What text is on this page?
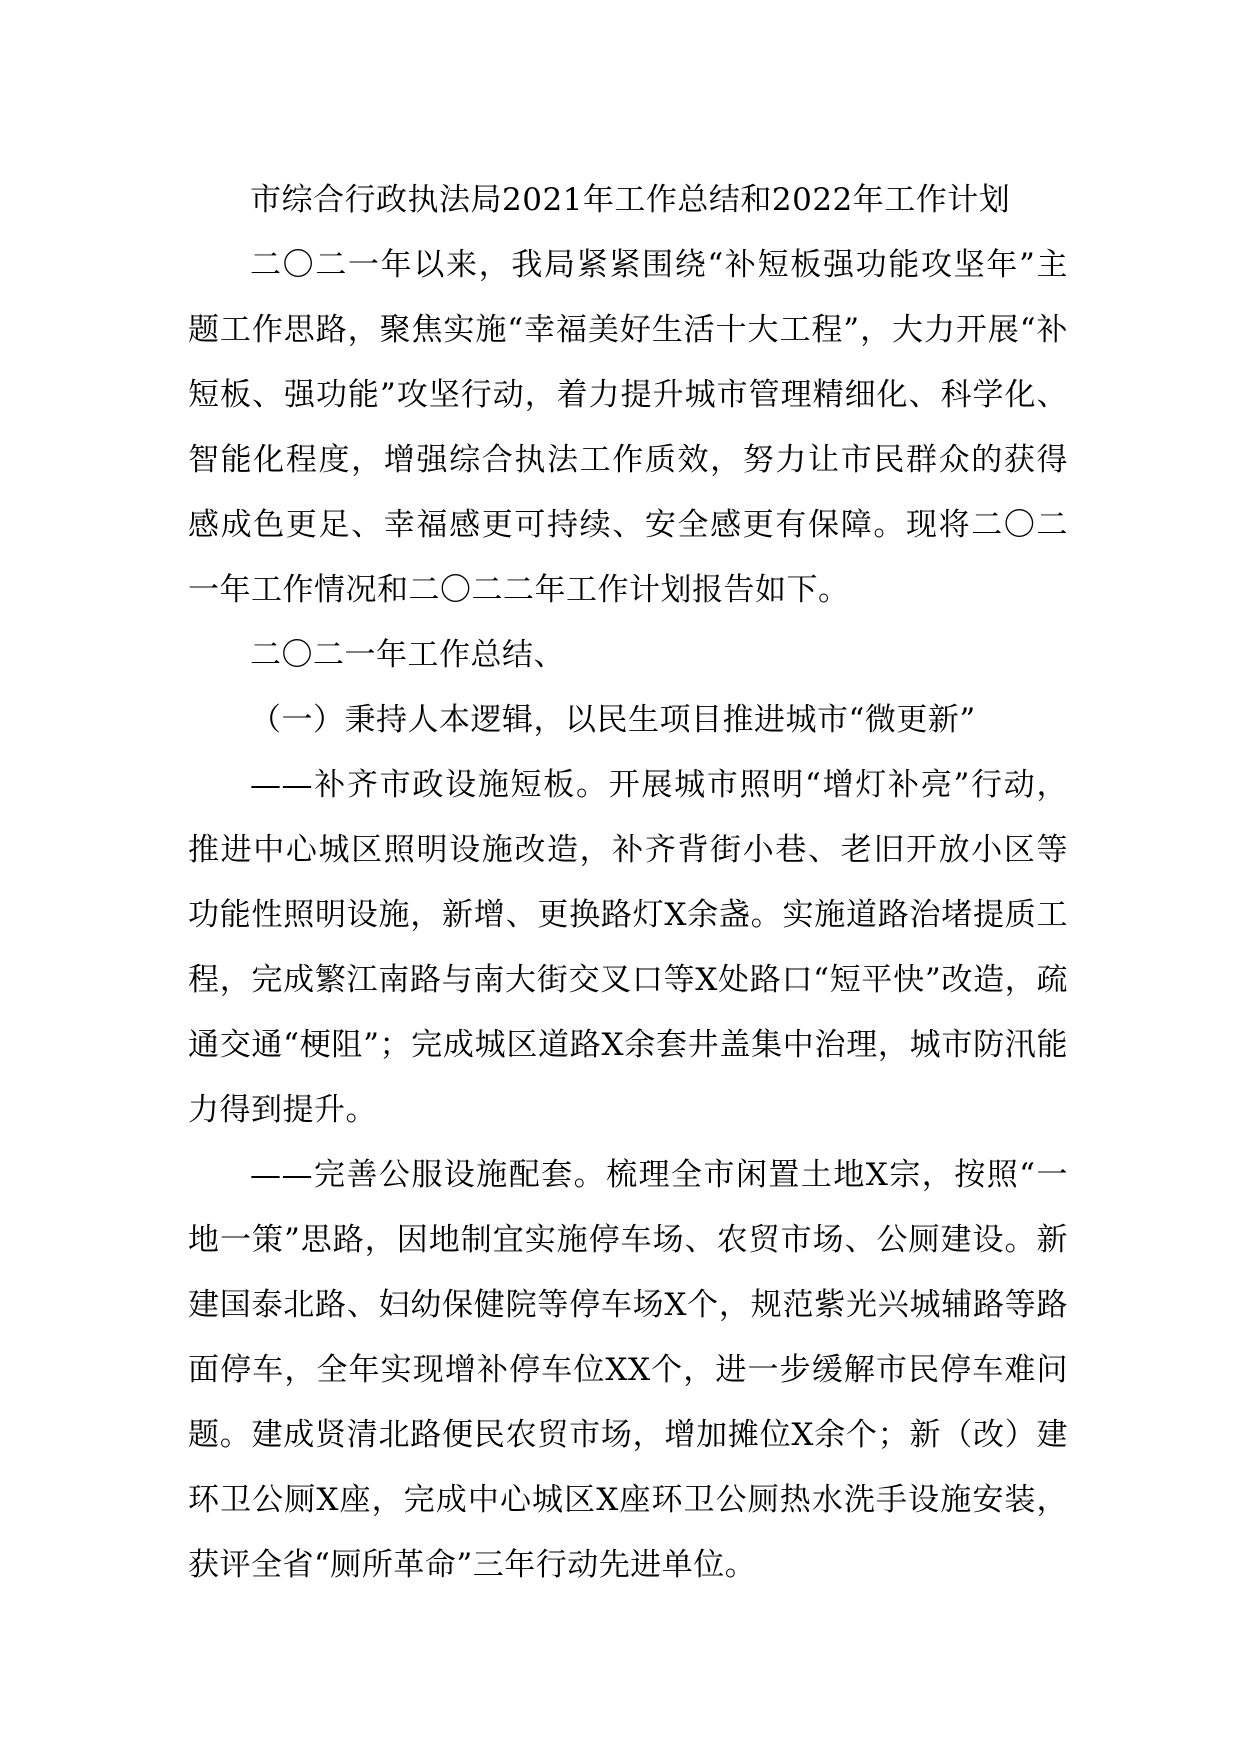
市综合行政执法局2021年工作总结和2022年工作计划

二〇二一年以来，我局紧紧围绕“补短板强功能攻坚年”主题工作思路，聚焦实施“幸福美好生活十大工程”，大力开展“补短板、强功能”攻坚行动，着力提升城市管理精细化、科学化、智能化程度，增强综合执法工作质效，努力让市民群众的获得感成色更足、幸福感更可持续、安全感更有保障。现将二〇二一年工作情况和二〇二二年工作计划报告如下。

二〇二一年工作总结、

（一）秉持人本逻辑，以民生项目推进城市“微更新”

——补齐市政设施短板。开展城市照明“增灯补亮”行动，推进中心城区照明设施改造，补齐背街小巷、老旧开放小区等功能性照明设施，新增、更换路灯X余盏。实施道路治堵提质工程，完成繁江南路与南大街交叉口等X处路口“短平快”改造，疏通交通“梗阻”；完成城区道路X余套井盖集中治理，城市防汛能力得到提升。

——完善公服设施配套。梳理全市闲置土地X宗，按照“一地一策”思路，因地制宜实施停车场、农贸市场、公厕建设。新建国泰北路、妇幼保健院等停车场X个，规范紫光兴城辅路等路面停车，全年实现增补停车位XX个，进一步缓解市民停车难问题。建成贤清北路便民农贸市场，增加摊位X余个；新（改）建环卫公厕X座，完成中心城区X座环卫公厕热水洗手设施安装，获评全省“厕所革命”三年行动先进单位。
